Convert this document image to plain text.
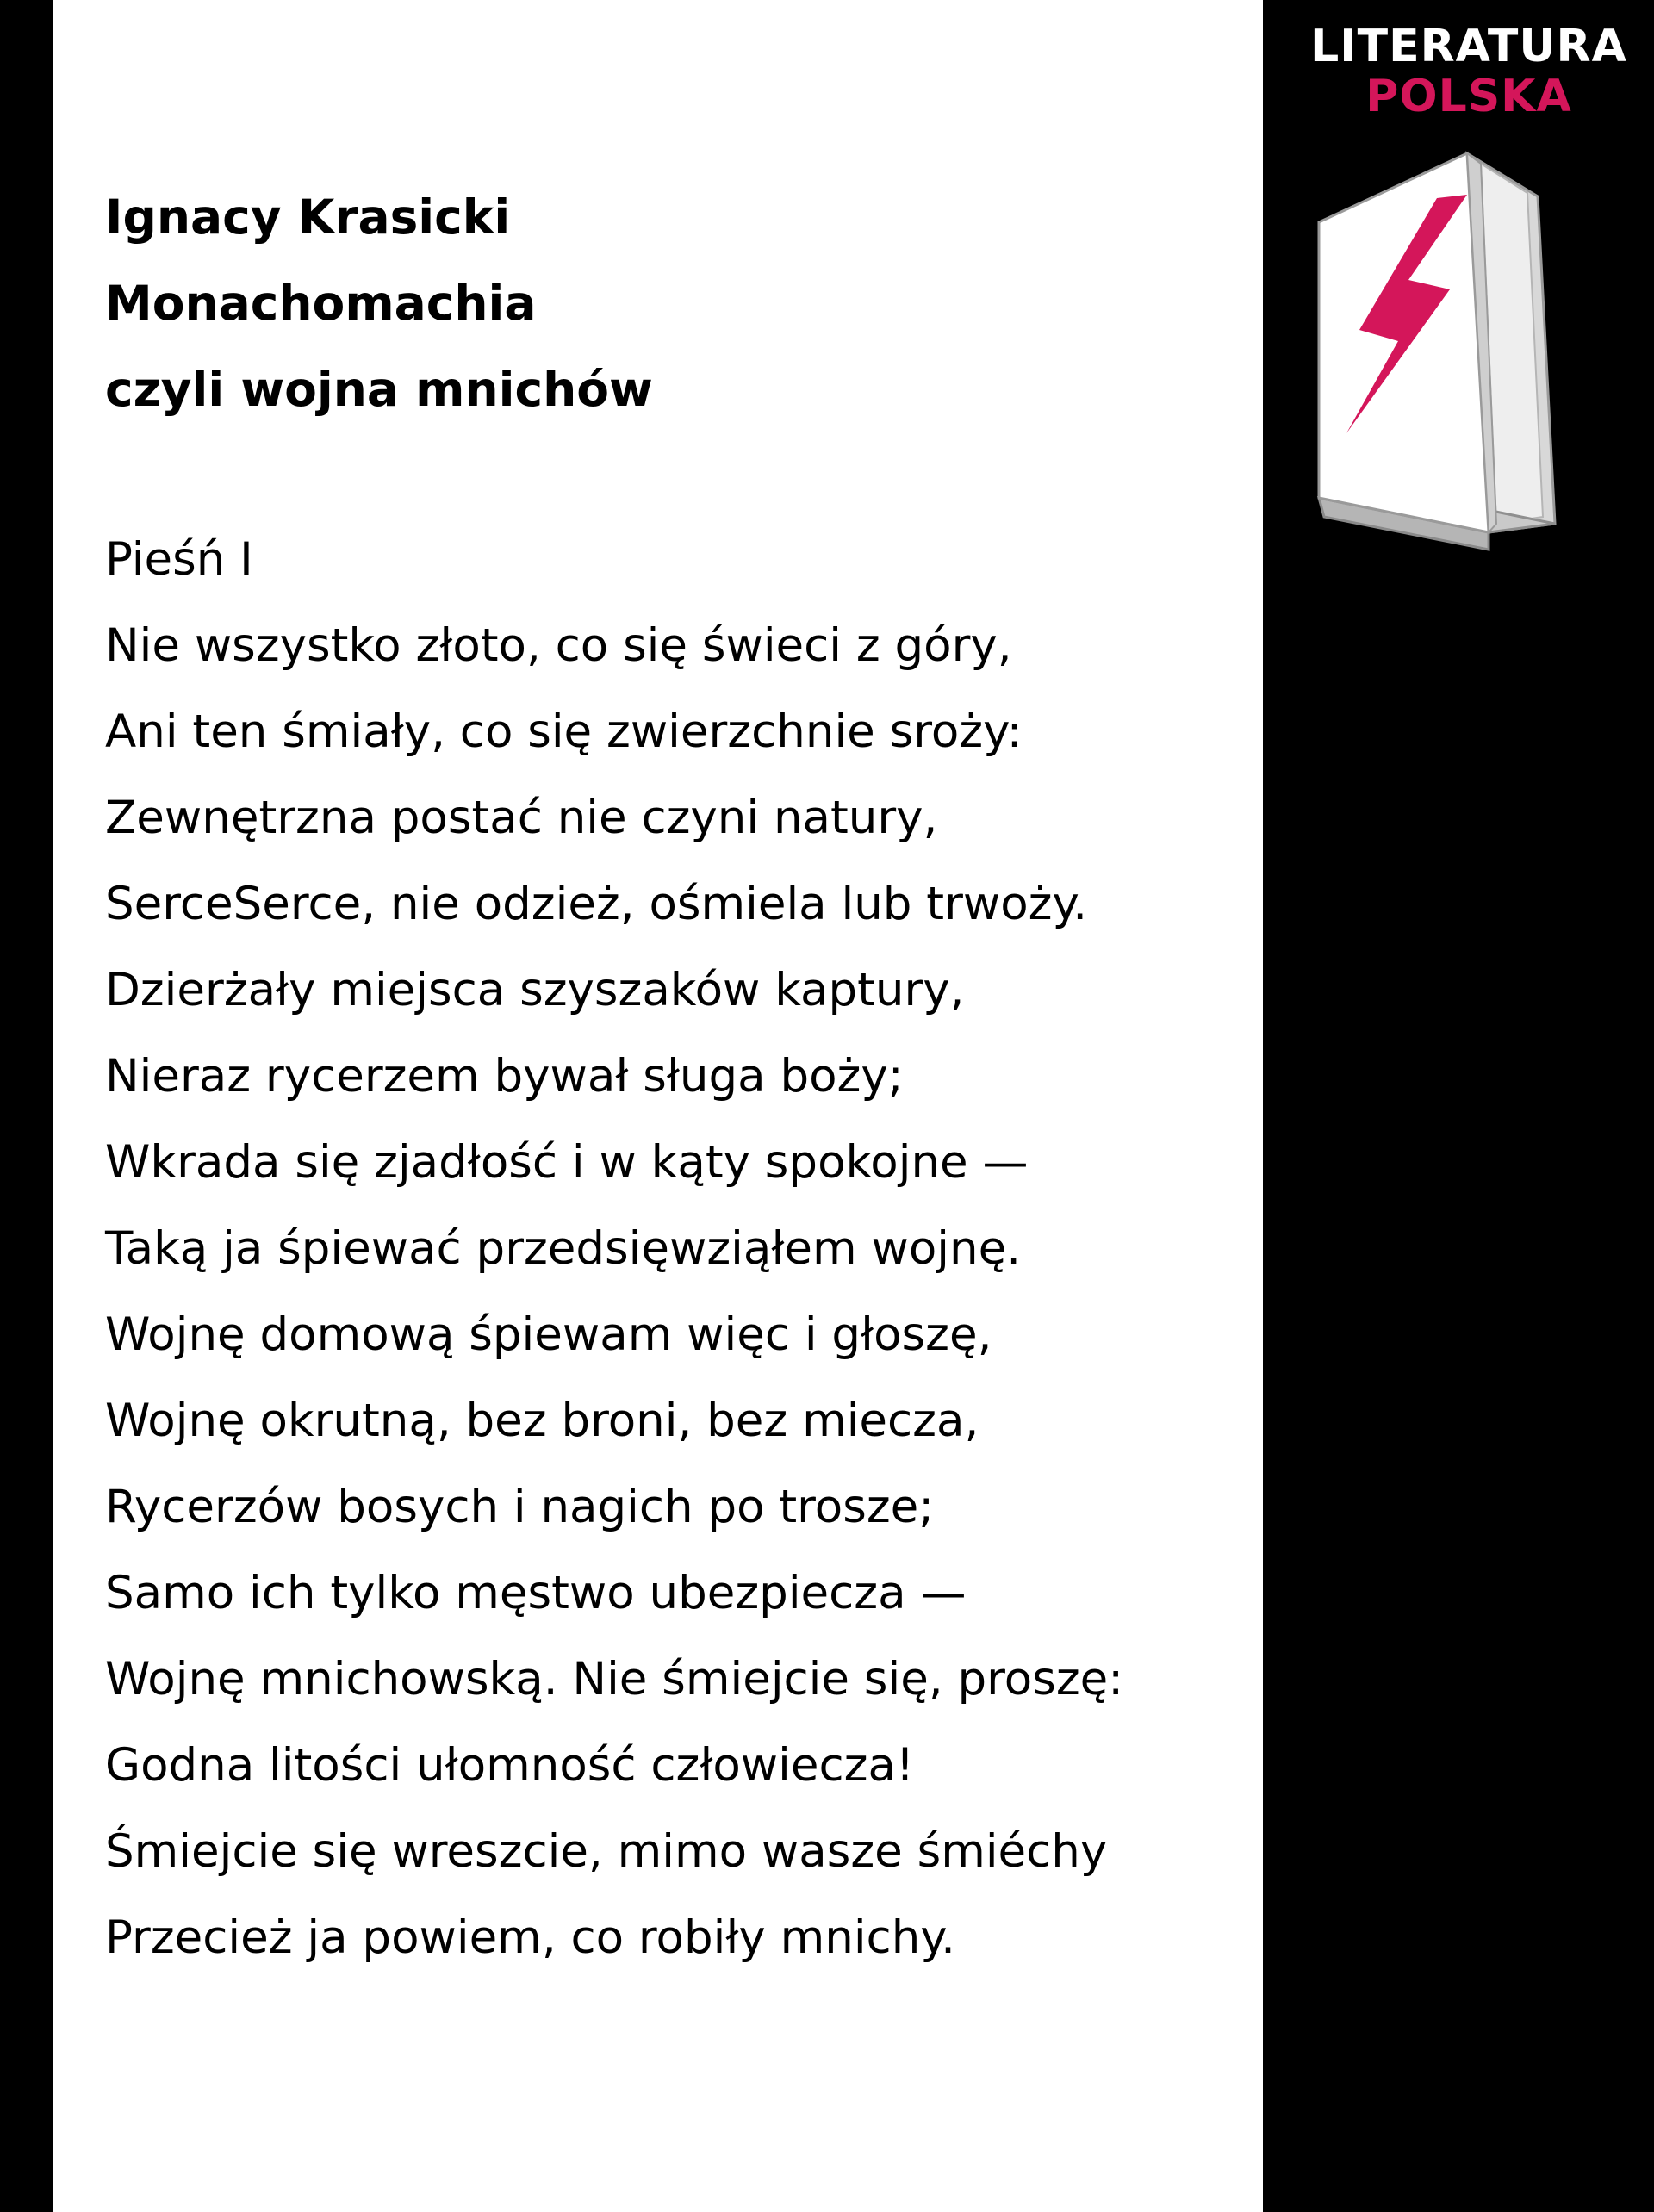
Ignacy Krasicki
Monachomachia
czyli wojna mnichów
Pieśń I
Nie wszystko złoto, co się świeci z góry,
Ani ten śmiały, co się zwierzchnie sroży:
Zewnętrzna postać nie czyni natury,
SerceSerce, nie odzież, ośmiela lub trwoży.
Dzierżały miejsca szyszaków kaptury,
Nieraz rycerzem bywał sługa boży;
Wkrada się zjadłość i w kąty spokojne —
Taką ja śpiewać przedsięwziąłem wojnę.
Wojnę domową śpiewam więc i głoszę,
Wojnę okrutną, bez broni, bez miecza,
Rycerzów bosych i nagich po trosze;
Samo ich tylko męstwo ubezpiecza —
Wojnę mnichowską. Nie śmiejcie się, proszę:
Godna litości ułomność człowiecza!
Śmiejcie się wreszcie, mimo wasze śmiéchy
Przecież ja powiem, co robiły mnichy.
LITERATURA
POLSKA
